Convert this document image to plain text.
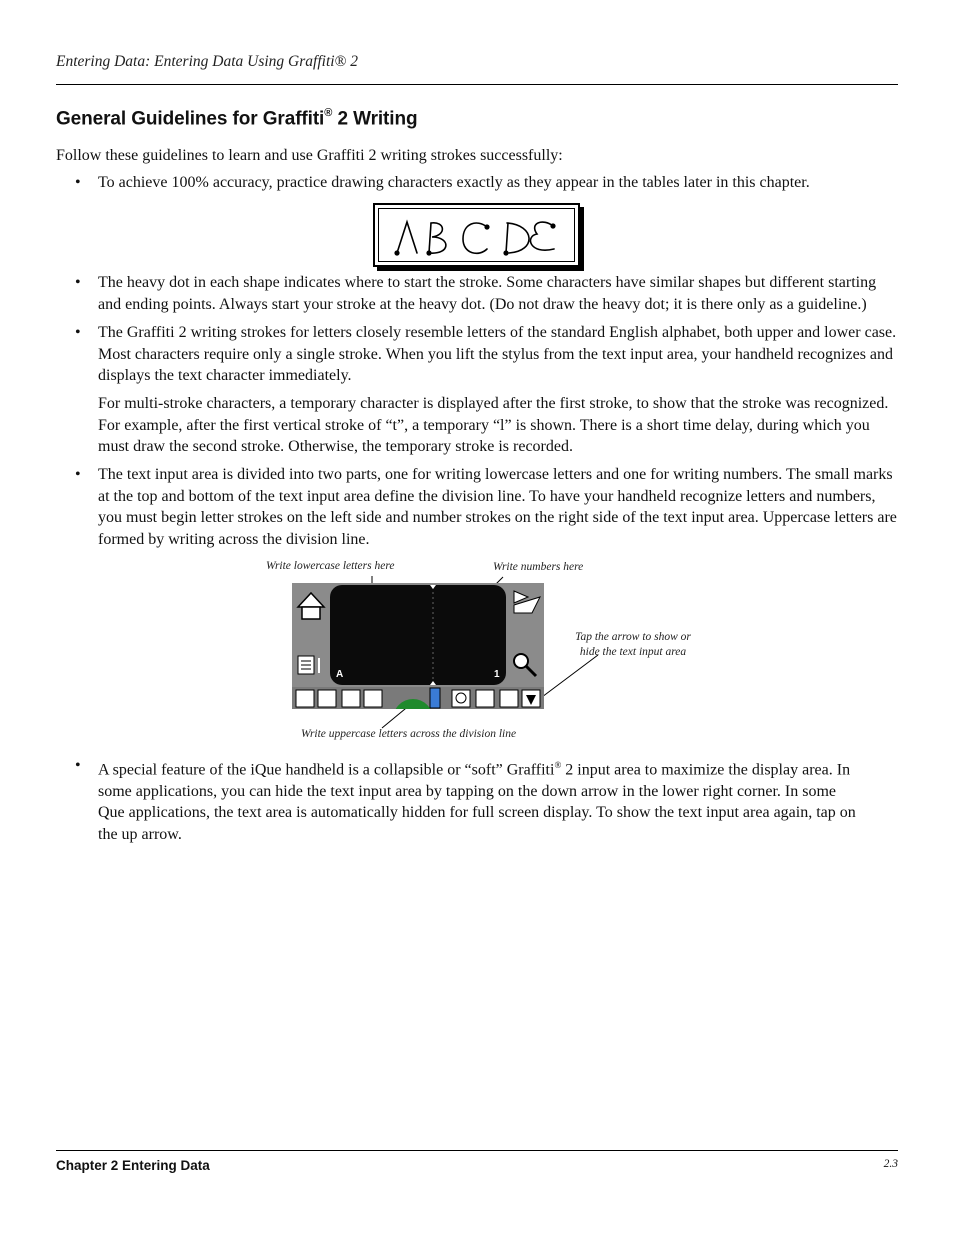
Entering Data: Entering Data Using Graffiti® 2
General Guidelines for Graffiti® 2 Writing

Follow these guidelines to learn and use Graffiti 2 writing strokes successfully:

• To achieve 100% accuracy, practice drawing characters exactly as they appear in the tables later in this chapter.

• The heavy dot in each shape indicates where to start the stroke. Some characters have similar shapes but different starting and ending points. Always start your stroke at the heavy dot. (Do not draw the heavy dot; it is there only as a guideline.)

• The Graffiti 2 writing strokes for letters closely resemble letters of the standard English alphabet, both upper and lower case. Most characters require only a single stroke. When you lift the stylus from the text input area, your handheld recognizes and displays the text character immediately.

For multi-stroke characters, a temporary character is displayed after the first stroke, to show that the stroke was recognized. For example, after the first vertical stroke of “t”, a temporary “l” is shown. There is a short time delay, during which you must draw the second stroke. Otherwise, the temporary stroke is recorded.

• The text input area is divided into two parts, one for writing lowercase letters and one for writing numbers. The small marks at the top and bottom of the text input area define the division line. To have your handheld recognize letters and numbers, you must begin letter strokes on the left side and number strokes on the right side of the text input area. Uppercase letters are formed by writing across the division line.

Write lowercase letters here	Write numbers here
Tap the arrow to show or
hide the text input area
Write uppercase letters across the division line
A	1
• A special feature of the iQue handheld is a collapsible or “soft” Graffiti® 2 input area to maximize the display area. In some applications, you can hide the text input area by tapping on the down arrow in the lower right corner. In some Que applications, the text area is automatically hidden for full screen display. To show the text input area again, tap on the up arrow.

Chapter 2 Entering Data	2.3
